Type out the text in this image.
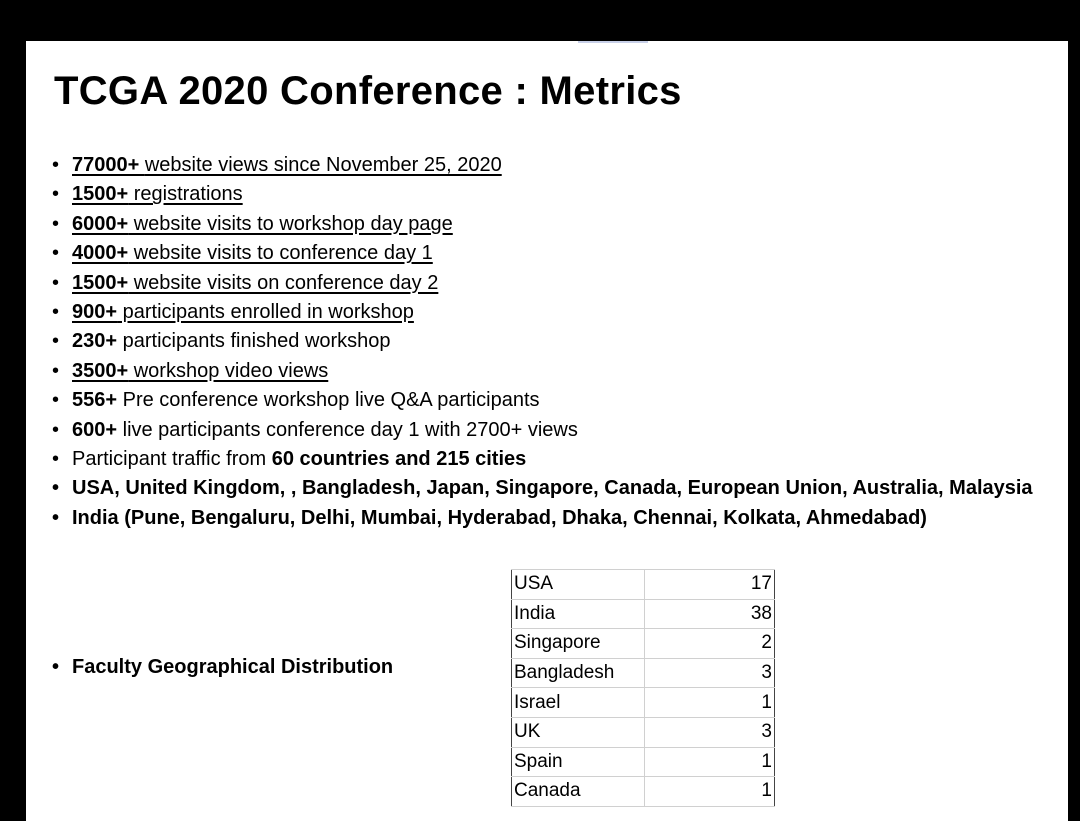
TCGA 2020 Conference : Metrics
• 77000+ website views since November 25, 2020
• 1500+ registrations
• 6000+ website visits to workshop day page
• 4000+ website visits to conference day 1
• 1500+ website visits on conference day 2
• 900+ participants enrolled in workshop
• 230+ participants finished workshop
• 3500+ workshop video views
• 556+ Pre conference workshop live Q&A participants
• 600+ live participants conference day 1 with 2700+ views
• Participant traffic from 60 countries and 215 cities
• USA, United Kingdom, , Bangladesh, Japan, Singapore, Canada, European Union, Australia, Malaysia
• India (Pune, Bengaluru, Delhi, Mumbai, Hyderabad, Dhaka, Chennai, Kolkata, Ahmedabad)
• Faculty Geographical Distribution
USA	17
India	38
Singapore	2
Bangladesh	3
Israel	1
UK	3
Spain	1
Canada	1
